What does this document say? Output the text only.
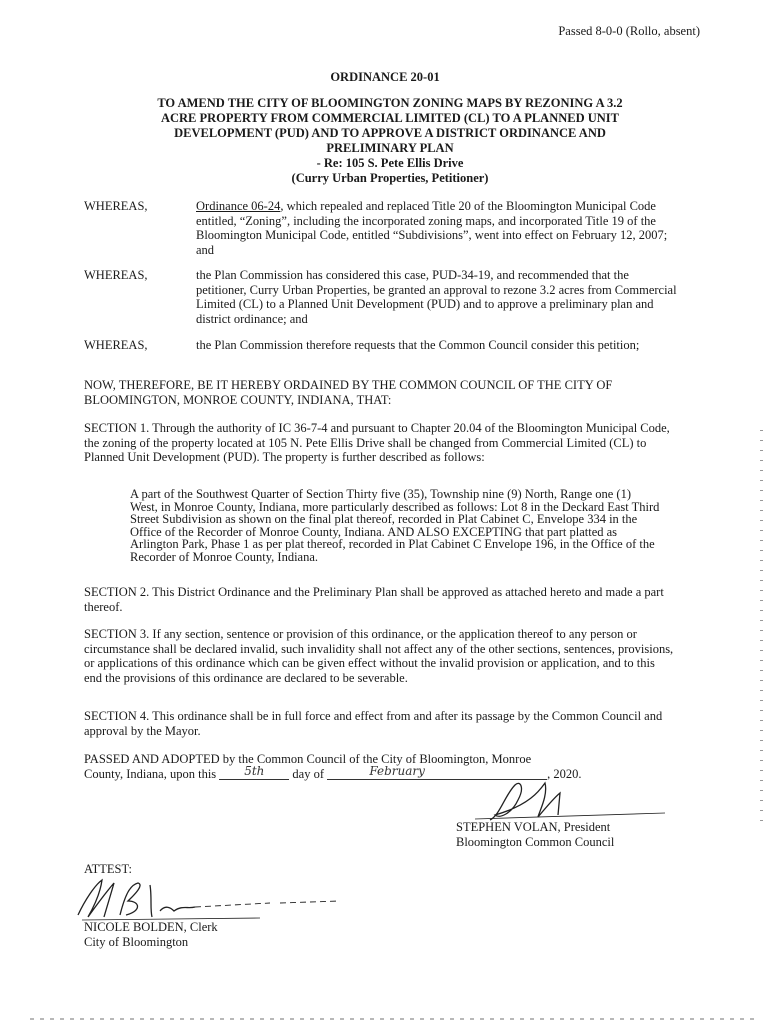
Passed 8-0-0 (Rollo, absent)
ORDINANCE 20-01
TO AMEND THE CITY OF BLOOMINGTON ZONING MAPS BY REZONING A 3.2
ACRE PROPERTY FROM COMMERCIAL LIMITED (CL) TO A PLANNED UNIT
DEVELOPMENT (PUD) AND TO APPROVE A DISTRICT ORDINANCE AND
PRELIMINARY PLAN
- Re: 105 S. Pete Ellis Drive
(Curry Urban Properties, Petitioner)
WHEREAS,	Ordinance 06-24, which repealed and replaced Title 20 of the Bloomington Municipal Code entitled, “Zoning”, including the incorporated zoning maps, and incorporated Title 19 of the Bloomington Municipal Code, entitled “Subdivisions”, went into effect on February 12, 2007; and
WHEREAS,	the Plan Commission has considered this case, PUD-34-19, and recommended that the petitioner, Curry Urban Properties, be granted an approval to rezone 3.2 acres from Commercial Limited (CL) to a Planned Unit Development (PUD) and to approve a preliminary plan and district ordinance; and
WHEREAS,	the Plan Commission therefore requests that the Common Council consider this petition;
NOW, THEREFORE, BE IT HEREBY ORDAINED BY THE COMMON COUNCIL OF THE CITY OF BLOOMINGTON, MONROE COUNTY, INDIANA, THAT:
SECTION 1. Through the authority of IC 36-7-4 and pursuant to Chapter 20.04 of the Bloomington Municipal Code, the zoning of the property located at 105 N. Pete Ellis Drive shall be changed from Commercial Limited (CL) to Planned Unit Development (PUD). The property is further described as follows:
A part of the Southwest Quarter of Section Thirty five (35), Township nine (9) North, Range one (1) West, in Monroe County, Indiana, more particularly described as follows: Lot 8 in the Deckard East Third Street Subdivision as shown on the final plat thereof, recorded in Plat Cabinet C, Envelope 334 in the Office of the Recorder of Monroe County, Indiana. AND ALSO EXCEPTING that part platted as Arlington Park, Phase 1 as per plat thereof, recorded in Plat Cabinet C Envelope 196, in the Office of the Recorder of Monroe County, Indiana.
SECTION 2. This District Ordinance and the Preliminary Plan shall be approved as attached hereto and made a part thereof.
SECTION 3. If any section, sentence or provision of this ordinance, or the application thereof to any person or circumstance shall be declared invalid, such invalidity shall not affect any of the other sections, sentences, provisions, or applications of this ordinance which can be given effect without the invalid provision or application, and to this end the provisions of this ordinance are declared to be severable.
SECTION 4. This ordinance shall be in full force and effect from and after its passage by the Common Council and approval by the Mayor.
PASSED AND ADOPTED by the Common Council of the City of Bloomington, Monroe
County, Indiana, upon this 5th day of	February	, 2020.
STEPHEN VOLAN, President
Bloomington Common Council
ATTEST:
NICOLE BOLDEN, Clerk
City of Bloomington
